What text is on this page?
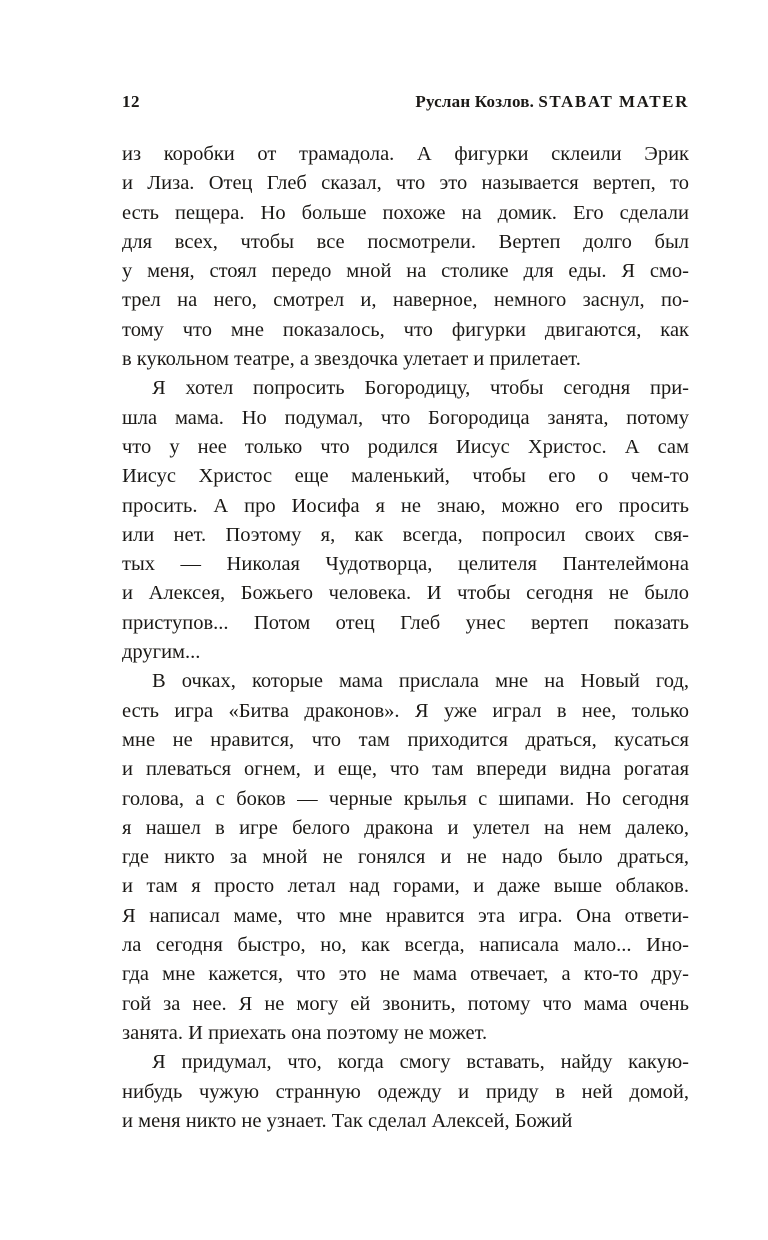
12	Руслан Козлов. STABAT MATER
из коробки от трамадола. А фигурки склеили Эрик
и Лиза. Отец Глеб сказал, что это называется вертеп, то
есть пещера. Но больше похоже на домик. Его сделали
для всех, чтобы все посмотрели. Вертеп долго был
у меня, стоял передо мной на столике для еды. Я смо-
трел на него, смотрел и, наверное, немного заснул, по-
тому что мне показалось, что фигурки двигаются, как
в кукольном театре, а звездочка улетает и прилетает.
Я хотел попросить Богородицу, чтобы сегодня при-
шла мама. Но подумал, что Богородица занята, потому
что у нее только что родился Иисус Христос. А сам
Иисус Христос еще маленький, чтобы его о чем-то
просить. А про Иосифа я не знаю, можно его просить
или нет. Поэтому я, как всегда, попросил своих свя-
тых — Николая Чудотворца, целителя Пантелеймона
и Алексея, Божьего человека. И чтобы сегодня не было
приступов... Потом отец Глеб унес вертеп показать
другим...
В очках, которые мама прислала мне на Новый год,
есть игра «Битва драконов». Я уже играл в нее, только
мне не нравится, что там приходится драться, кусаться
и плеваться огнем, и еще, что там впереди видна рогатая
голова, а с боков — черные крылья с шипами. Но сегодня
я нашел в игре белого дракона и улетел на нем далеко,
где никто за мной не гонялся и не надо было драться,
и там я просто летал над горами, и даже выше облаков.
Я написал маме, что мне нравится эта игра. Она ответи-
ла сегодня быстро, но, как всегда, написала мало... Ино-
гда мне кажется, что это не мама отвечает, а кто-то дру-
гой за нее. Я не могу ей звонить, потому что мама очень
занята. И приехать она поэтому не может.
Я придумал, что, когда смогу вставать, найду какую-
нибудь чужую странную одежду и приду в ней домой,
и меня никто не узнает. Так сделал Алексей, Божий
